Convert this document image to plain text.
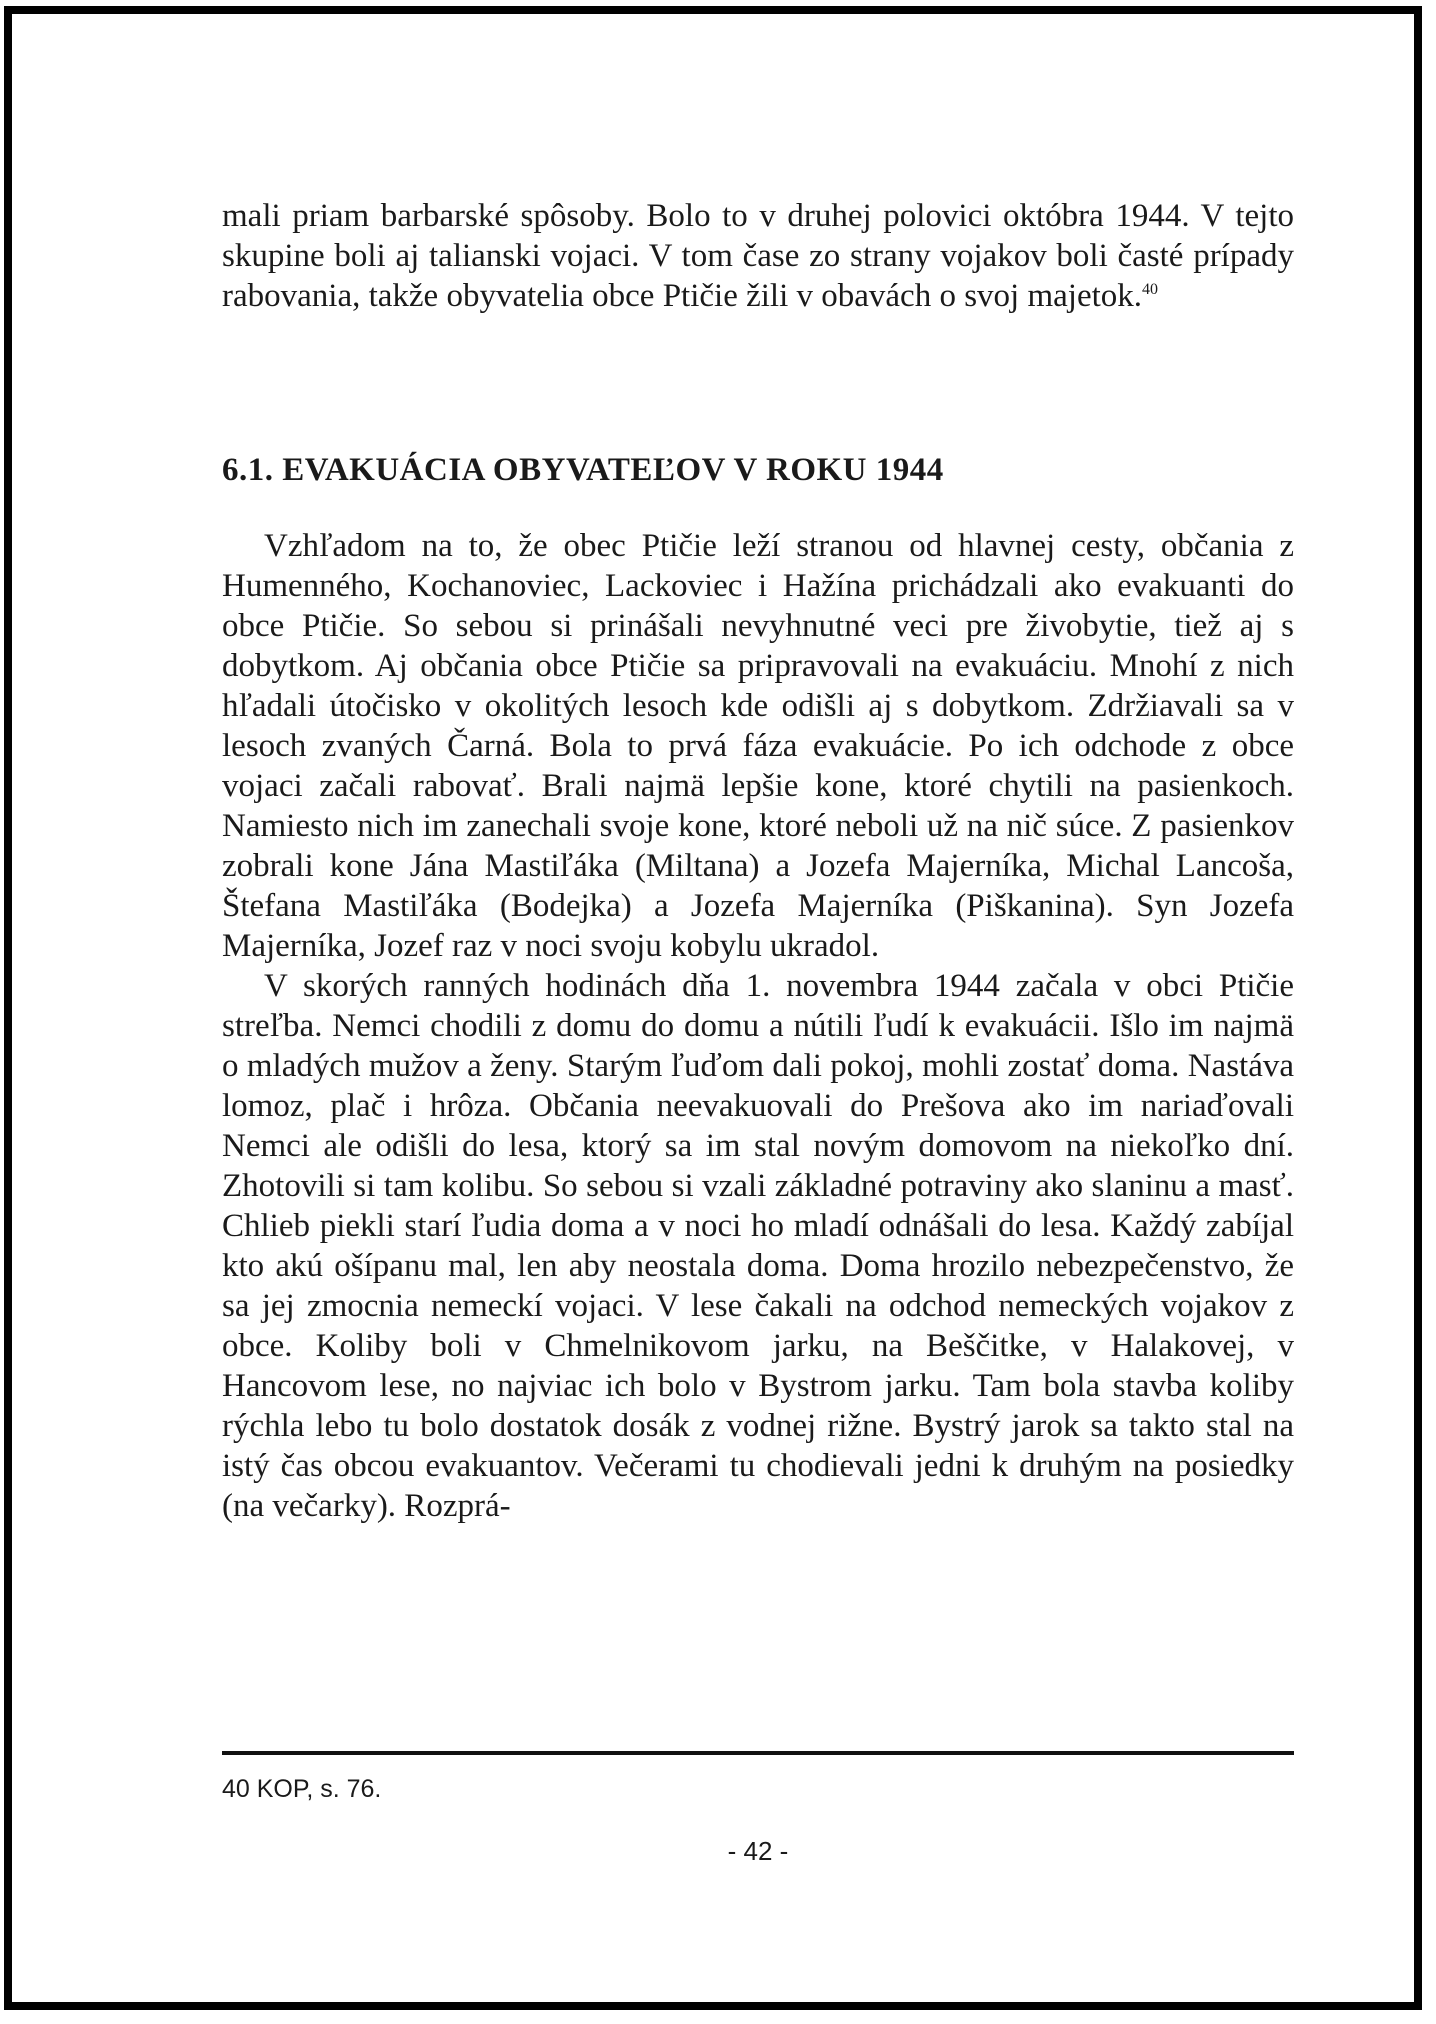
mali priam barbarské spôsoby. Bolo to v druhej polovici októbra 1944. V tejto skupine boli aj talianski vojaci. V tom čase zo strany vojakov boli časté prípady rabovania, takže obyvatelia obce Ptičie žili v obavách o svoj majetok.$^{40}$

6.1. EVAKUÁCIA OBYVATEĽOV V ROKU 1944

Vzhľadom na to, že obec Ptičie leží stranou od hlavnej cesty, občania z Humenného, Kochanoviec, Lackoviec i Hažína prichádzali ako evakuanti do obce Ptičie. So sebou si prinášali nevyhnutné veci pre živobytie, tiež aj s dobytkom. Aj občania obce Ptičie sa pripravovali na evakuáciu. Mnohí z nich hľadali útočisko v okolitých lesoch kde odišli aj s dobytkom. Zdržiavali sa v lesoch zvaných Čarná. Bola to prvá fáza evakuácie. Po ich odchode z obce vojaci začali rabovať. Brali najmä lepšie kone, ktoré chytili na pasienkoch. Namiesto nich im zanechali svoje kone, ktoré neboli už na nič súce. Z pasienkov zobrali kone Jána Mastiľáka (Miltana) a Jozefa Majerníka, Michal Lancoša, Štefana Mastiľáka (Bodejka) a Jozefa Majerníka (Piškanina). Syn Jozefa Majerníka, Jozef raz v noci svoju kobylu ukradol.

V skorých ranných hodinách dňa 1. novembra 1944 začala v obci Ptičie streľba. Nemci chodili z domu do domu a nútili ľudí k evakuácii. Išlo im najmä o mladých mužov a ženy. Starým ľuďom dali pokoj, mohli zostať doma. Nastáva lomoz, plač i hrôza. Občania neevakuovali do Prešova ako im nariaďovali Nemci ale odišli do lesa, ktorý sa im stal novým domovom na niekoľko dní. Zhotovili si tam kolibu. So sebou si vzali základné potraviny ako slaninu a masť. Chlieb piekli starí ľudia doma a v noci ho mladí odnášali do lesa. Každý zabíjal kto akú ošípanu mal, len aby neostala doma. Doma hrozilo nebezpečenstvo, že sa jej zmocnia nemeckí vojaci. V lese čakali na odchod nemeckých vojakov z obce. Koliby boli v Chmelnikovom jarku, na Beščitke, v Halakovej, v Hancovom lese, no najviac ich bolo v Bystrom jarku. Tam bola stavba koliby rýchla lebo tu bolo dostatok dosák z vodnej rižne. Bystrý jarok sa takto stal na istý čas obcou evakuantov. Večerami tu chodievali jedni k druhým na posiedky (na večarky). Rozprá-

40 KOP, s. 76.

- 42 -
